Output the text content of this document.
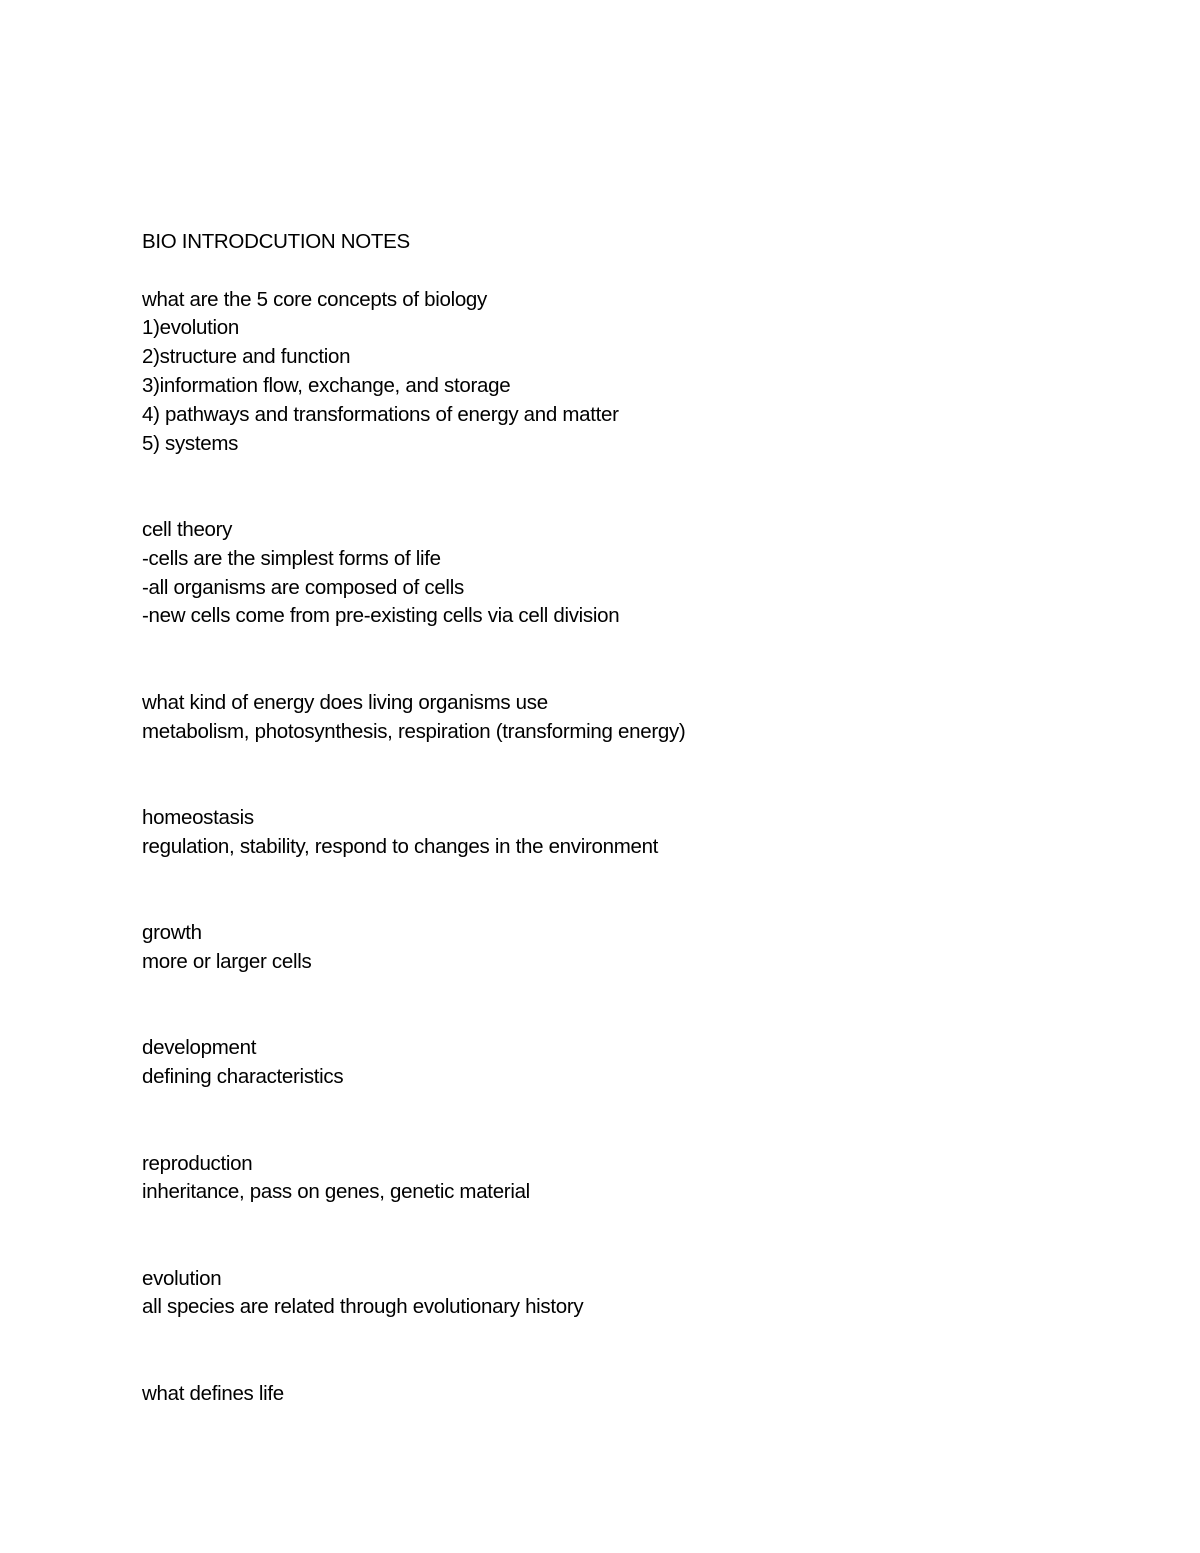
BIO INTRODCUTION NOTES
what are the 5 core concepts of biology
1)evolution
2)structure and function
3)information flow, exchange, and storage
4) pathways and transformations of energy and matter
5) systems
cell theory
-cells are the simplest forms of life
-all organisms are composed of cells
-new cells come from pre-existing cells via cell division
what kind of energy does living organisms use
metabolism, photosynthesis, respiration (transforming energy)
homeostasis
regulation, stability, respond to changes in the environment
growth
more or larger cells
development
defining characteristics
reproduction
inheritance, pass on genes, genetic material
evolution
all species are related through evolutionary history
what defines life
